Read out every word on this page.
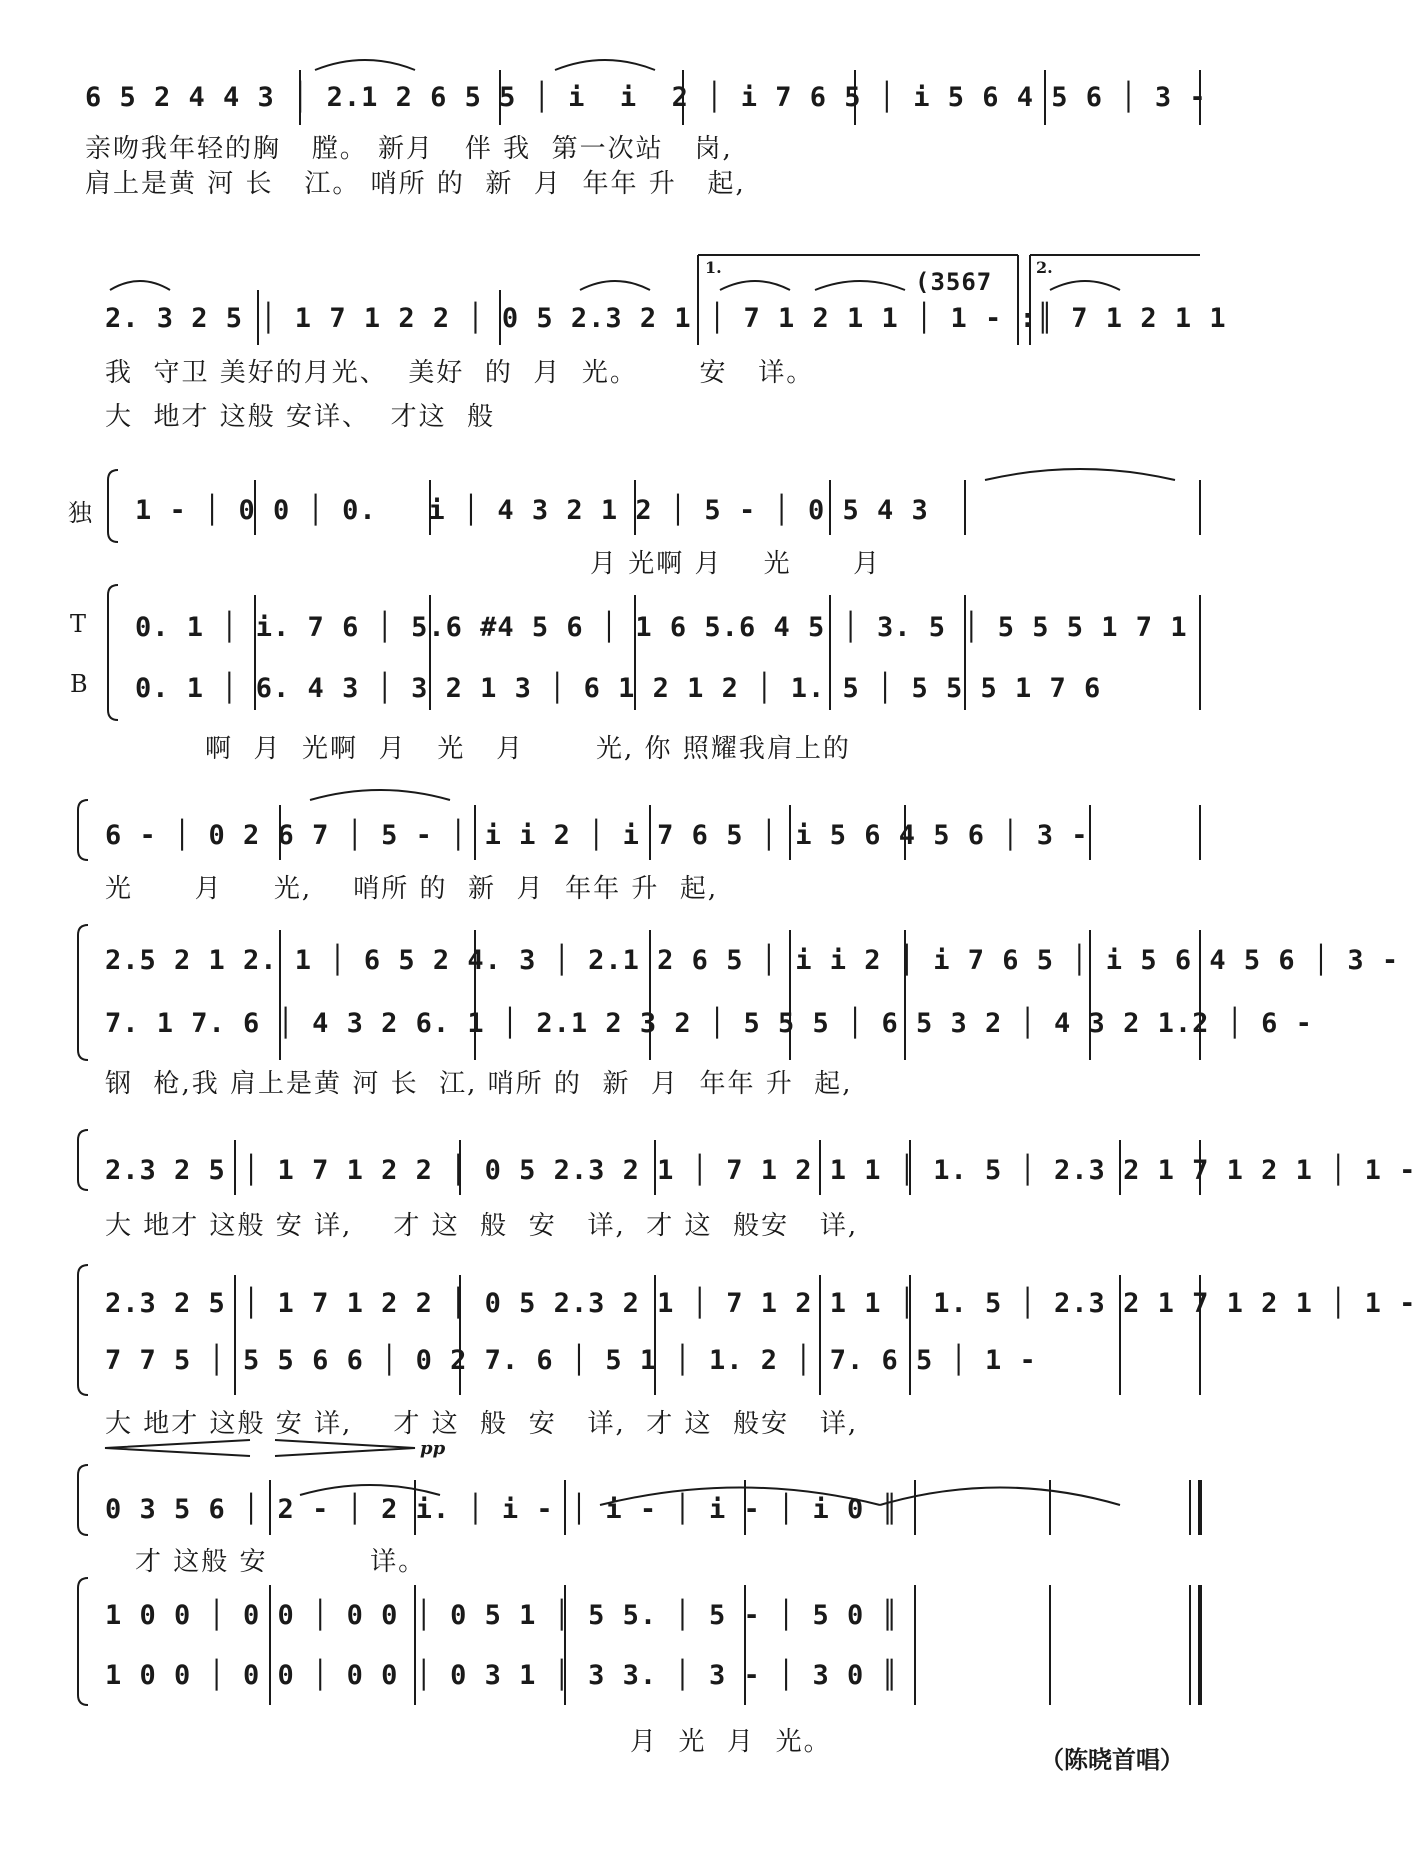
6 5 2 4 4 3 │ 2.1 2 6 5 5 │ i  i  2 │ i 7 6 5 │ i 5 6 4 5 6 │ 3 -
亲吻我年轻的胸   膛。 新月   伴 我  第一次站   岗,
肩上是黄 河 长   江。 哨所 的  新  月  年年 升   起,
1.	2.
(3567
2. 3 2 5 │ 1 7 1 2 2 │ 0 5 2.3 2 1 │ 7 1 2 1 1 │ 1 - :║ 7 1 2 1 1
我  守卫 美好的月光、  美好  的  月  光。      安   详。
大  地才 这般 安详、  才这  般
独
T
B
1 - │ 0 0 │ 0.   i │ 4 3 2 1 2 │ 5 - │ 0 5 4 3
月 光啊 月    光      月
0. 1 │ i. 7 6 │ 5.6 #4 5 6 │ 1 6 5.6 4 5 │ 3. 5 │ 5 5 5 1 7 1
0. 1 │ 6. 4 3 │ 3 2 1 3 │ 6 1 2 1 2 │ 1. 5 │ 5 5 5 1 7 6
啊  月  光啊  月   光   月       光, 你 照耀我肩上的
6 - │ 0 2 6 7 │ 5 - │ i i 2 │ i 7 6 5 │ i 5 6 4 5 6 │ 3 -
光      月     光,    哨所 的  新  月  年年 升  起,
2.5 2 1 2. 1 │ 6 5 2 4. 3 │ 2.1 2 6 5 │ i i 2 │ i 7 6 5 │ i 5 6 4 5 6 │ 3 -
7. 1 7. 6 │ 4 3 2 6. 1 │ 2.1 2 3 2 │ 5 5 5 │ 6 5 3 2 │ 4 3 2 1.2 │ 6 -
钢  枪,我 肩上是黄 河 长  江, 哨所 的  新  月  年年 升  起,
2.3 2 5 │ 1 7 1 2 2 │ 0 5 2.3 2 1 │ 7 1 2 1 1 │ 1. 5 │ 2.3 2 1 7 1 2 1 │ 1 -
大 地才 这般 安 详,    才 这  般  安   详,  才 这  般安   详,
2.3 2 5 │ 1 7 1 2 2 │ 0 5 2.3 2 1 │ 7 1 2 1 1 │ 1. 5 │ 2.3 2 1 7 1 2 1 │ 1 -
7 7 5 │ 5 5 6 6 │ 0 2 7. 6 │ 5 1 │ 1. 2 │ 7. 6 5 │ 1 -
大 地才 这般 安 详,    才 这  般  安   详,  才 这  般安   详,
pp
0 3 5 6 │ 2 - │ 2 i. │ i - │ i - │ i - │ i 0 ║
才 这般 安          详。
1 0 0 │ 0 0 │ 0 0 │ 0 5 1 │ 5 5. │ 5 - │ 5 0 ║
1 0 0 │ 0 0 │ 0 0 │ 0 3 1 │ 3 3. │ 3 - │ 3 0 ║
月  光  月  光。
（陈晓首唱）
